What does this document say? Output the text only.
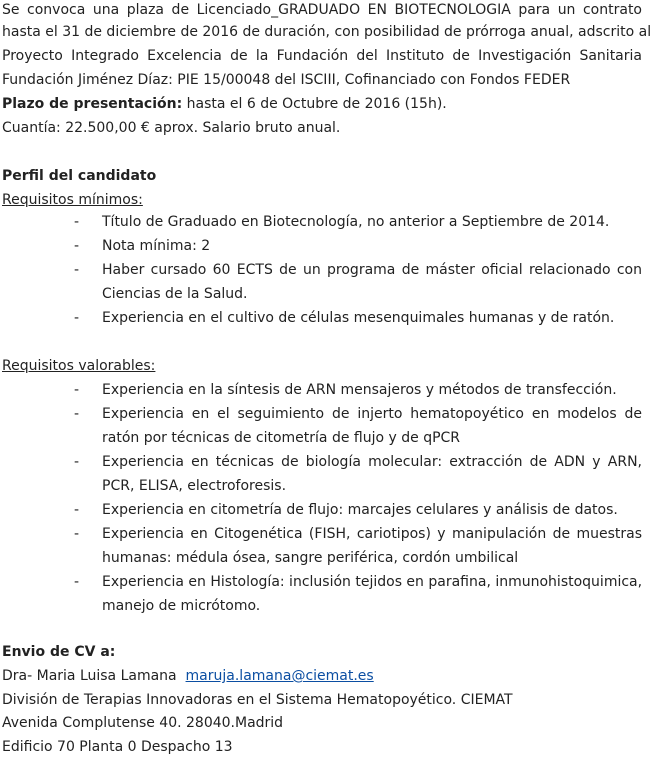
Se convoca una plaza de Licenciado_GRADUADO EN BIOTECNOLOGIA para un contrato
hasta el 31 de diciembre de 2016 de duración, con posibilidad de prórroga anual, adscrito al
Proyecto Integrado Excelencia de la Fundación del Instituto de Investigación Sanitaria
Fundación Jiménez Díaz: PIE 15/00048 del ISCIII, Cofinanciado con Fondos FEDER
Plazo de presentación: hasta el 6 de Octubre de 2016 (15h).
Cuantía: 22.500,00 € aprox. Salario bruto anual.
Perfil del candidato
Requisitos mínimos:
- Título de Graduado en Biotecnología, no anterior a Septiembre de 2014.
- Nota mínima: 2
- Haber cursado 60 ECTS de un programa de máster oficial relacionado con
Ciencias de la Salud.
- Experiencia en el cultivo de células mesenquimales humanas y de ratón.
Requisitos valorables:
- Experiencia en la síntesis de ARN mensajeros y métodos de transfección.
- Experiencia en el seguimiento de injerto hematopoyético en modelos de
ratón por técnicas de citometría de flujo y de qPCR
- Experiencia en técnicas de biología molecular: extracción de ADN y ARN,
PCR, ELISA, electroforesis.
- Experiencia en citometría de flujo: marcajes celulares y análisis de datos.
- Experiencia en Citogenética (FISH, cariotipos) y manipulación de muestras
humanas: médula ósea, sangre periférica, cordón umbilical
- Experiencia en Histología: inclusión tejidos en parafina, inmunohistoquimica,
manejo de micrótomo.
Envio de CV a:
Dra- Maria Luisa Lamana  maruja.lamana@ciemat.es
División de Terapias Innovadoras en el Sistema Hematopoyético. CIEMAT
Avenida Complutense 40. 28040.Madrid
Edificio 70 Planta 0 Despacho 13
